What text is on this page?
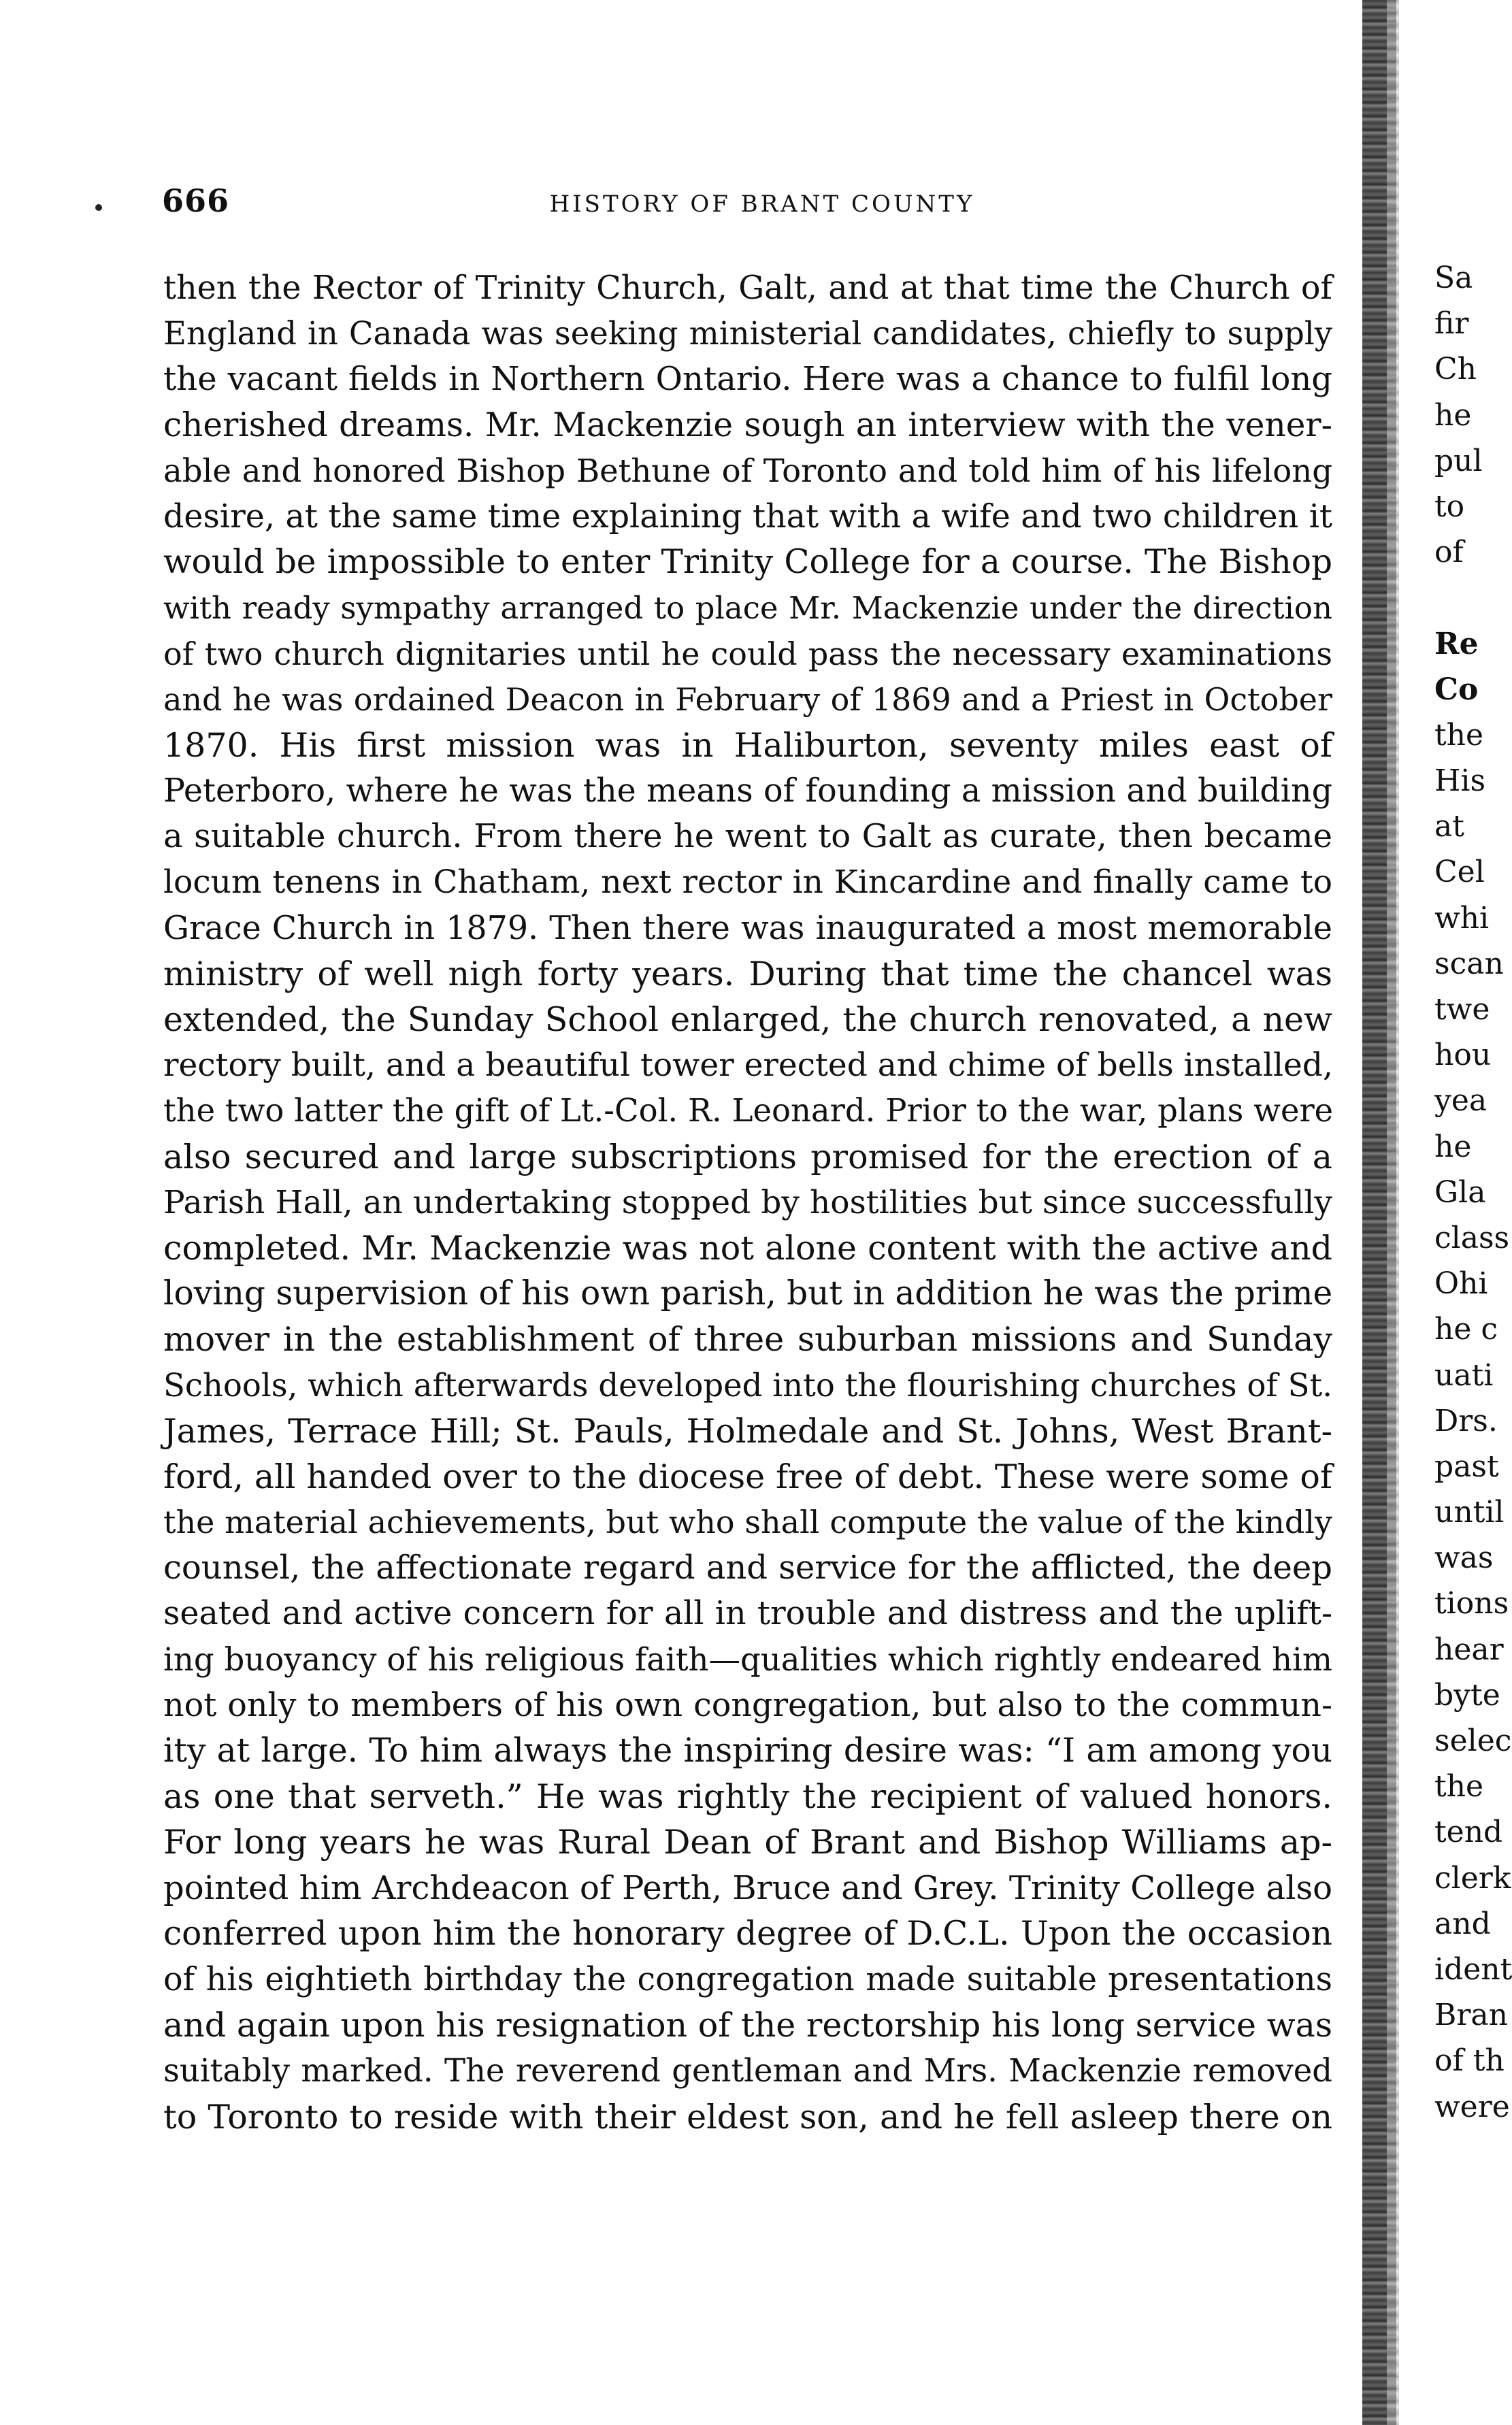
666	HISTORY OF BRANT COUNTY
then the Rector of Trinity Church, Galt, and at that time the Church of
England in Canada was seeking ministerial candidates, chiefly to supply
the vacant fields in Northern Ontario. Here was a chance to fulfil long
cherished dreams. Mr. Mackenzie sough an interview with the vener-
able and honored Bishop Bethune of Toronto and told him of his lifelong
desire, at the same time explaining that with a wife and two children it
would be impossible to enter Trinity College for a course. The Bishop
with ready sympathy arranged to place Mr. Mackenzie under the direction
of two church dignitaries until he could pass the necessary examinations
and he was ordained Deacon in February of 1869 and a Priest in October
1870. His first mission was in Haliburton, seventy miles east of
Peterboro, where he was the means of founding a mission and building
a suitable church. From there he went to Galt as curate, then became
locum tenens in Chatham, next rector in Kincardine and finally came to
Grace Church in 1879. Then there was inaugurated a most memorable
ministry of well nigh forty years. During that time the chancel was
extended, the Sunday School enlarged, the church renovated, a new
rectory built, and a beautiful tower erected and chime of bells installed,
the two latter the gift of Lt.-Col. R. Leonard. Prior to the war, plans were
also secured and large subscriptions promised for the erection of a
Parish Hall, an undertaking stopped by hostilities but since successfully
completed. Mr. Mackenzie was not alone content with the active and
loving supervision of his own parish, but in addition he was the prime
mover in the establishment of three suburban missions and Sunday
Schools, which afterwards developed into the flourishing churches of St.
James, Terrace Hill; St. Pauls, Holmedale and St. Johns, West Brant-
ford, all handed over to the diocese free of debt. These were some of
the material achievements, but who shall compute the value of the kindly
counsel, the affectionate regard and service for the afflicted, the deep
seated and active concern for all in trouble and distress and the uplift-
ing buoyancy of his religious faith—qualities which rightly endeared him
not only to members of his own congregation, but also to the commun-
ity at large. To him always the inspiring desire was: “I am among you
as one that serveth.” He was rightly the recipient of valued honors.
For long years he was Rural Dean of Brant and Bishop Williams ap-
pointed him Archdeacon of Perth, Bruce and Grey. Trinity College also
conferred upon him the honorary degree of D.C.L. Upon the occasion
of his eightieth birthday the congregation made suitable presentations
and again upon his resignation of the rectorship his long service was
suitably marked. The reverend gentleman and Mrs. Mackenzie removed
to Toronto to reside with their eldest son, and he fell asleep there on
Sa
fir
Ch
he
pul
to
of
Re
Co
the
His
at
Cel
whi
scan
twe
hou
yea
he
Gla
class
Ohi
he c
uati
Drs.
past
until
was
tions
hear
byte
selec
the
tend
clerk
and
ident
Bran
of th
were
